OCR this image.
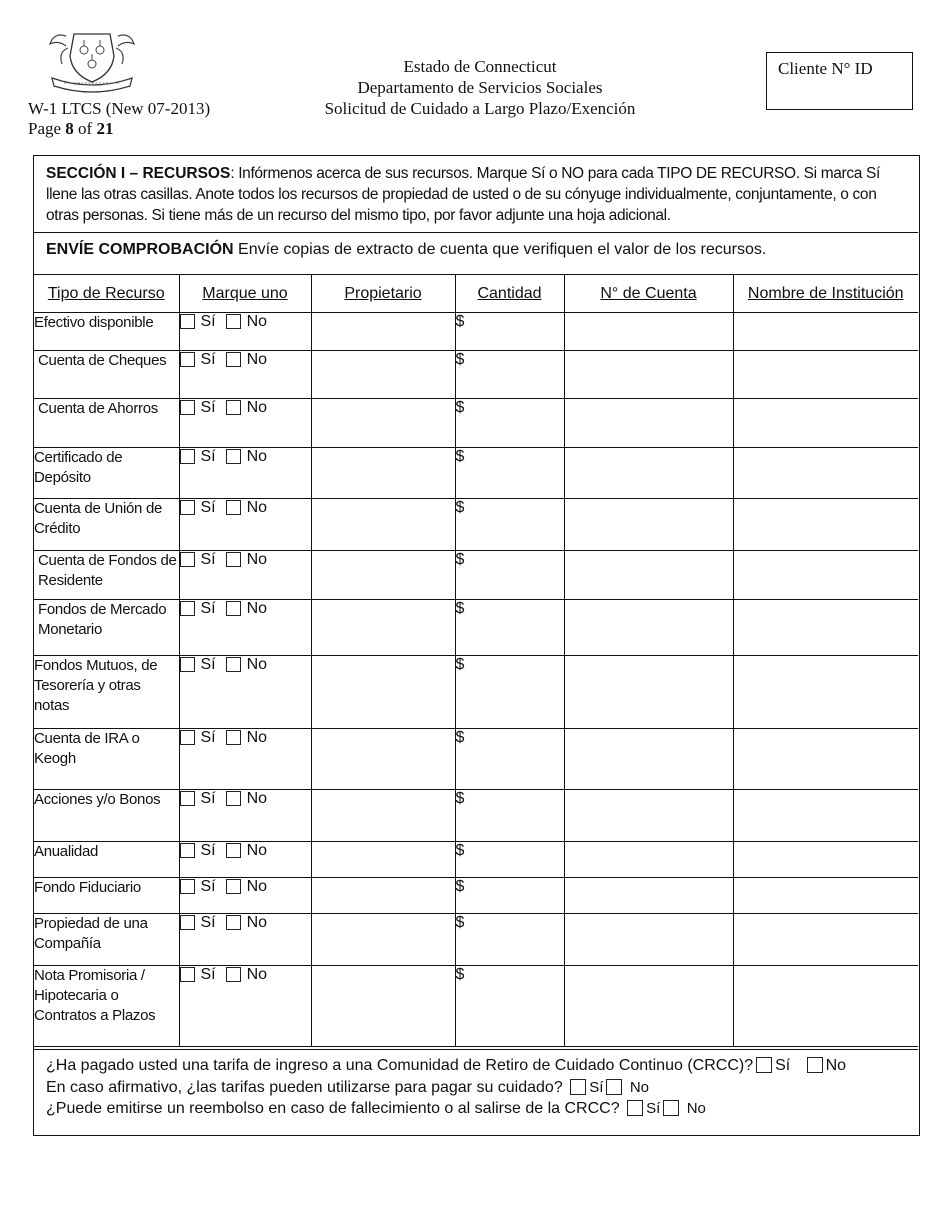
W-1 LTCS (New 07-2013)
Page 8 of 21
Estado de Connecticut
Departamento de Servicios Sociales
Solicitud de Cuidado a Largo Plazo/Exención
Cliente N° ID
SECCIÓN I – RECURSOS: Infórmenos acerca de sus recursos. Marque Sí o NO para cada TIPO DE RECURSO. Si marca Sí llene las otras casillas. Anote todos los recursos de propiedad de usted o de su cónyuge individualmente, conjuntamente, o con otras personas. Si tiene más de un recurso del mismo tipo, por favor adjunte una hoja adicional.
ENVÍE COMPROBACIÓN Envíe copias de extracto de cuenta que verifiquen el valor de los recursos.
Tipo de Recurso	Marque uno	Propietario	Cantidad	N° de Cuenta	Nombre de Institución
Efectivo disponible	Sí No		$		
Cuenta de Cheques	Sí No		$		
Cuenta de Ahorros	Sí No		$		
Certificado de Depósito	Sí No		$		
Cuenta de Unión de Crédito	Sí No		$		
Cuenta de Fondos de Residente	Sí No		$		
Fondos de Mercado Monetario	Sí No		$		
Fondos Mutuos, de Tesorería y otras notas	Sí No		$		
Cuenta de IRA o Keogh	Sí No		$		
Acciones y/o Bonos	Sí No		$		
Anualidad	Sí No		$		
Fondo Fiduciario	Sí No		$		
Propiedad de una Compañía	Sí No		$		
Nota Promisoria / Hipotecaria o Contratos a Plazos	Sí No		$		
¿Ha pagado usted una tarifa de ingreso a una Comunidad de Retiro de Cuidado Continuo (CRCC)? Sí No
En caso afirmativo, ¿las tarifas pueden utilizarse para pagar su cuidado? Sí No
¿Puede emitirse un reembolso en caso de fallecimiento o al salirse de la CRCC? Sí No
